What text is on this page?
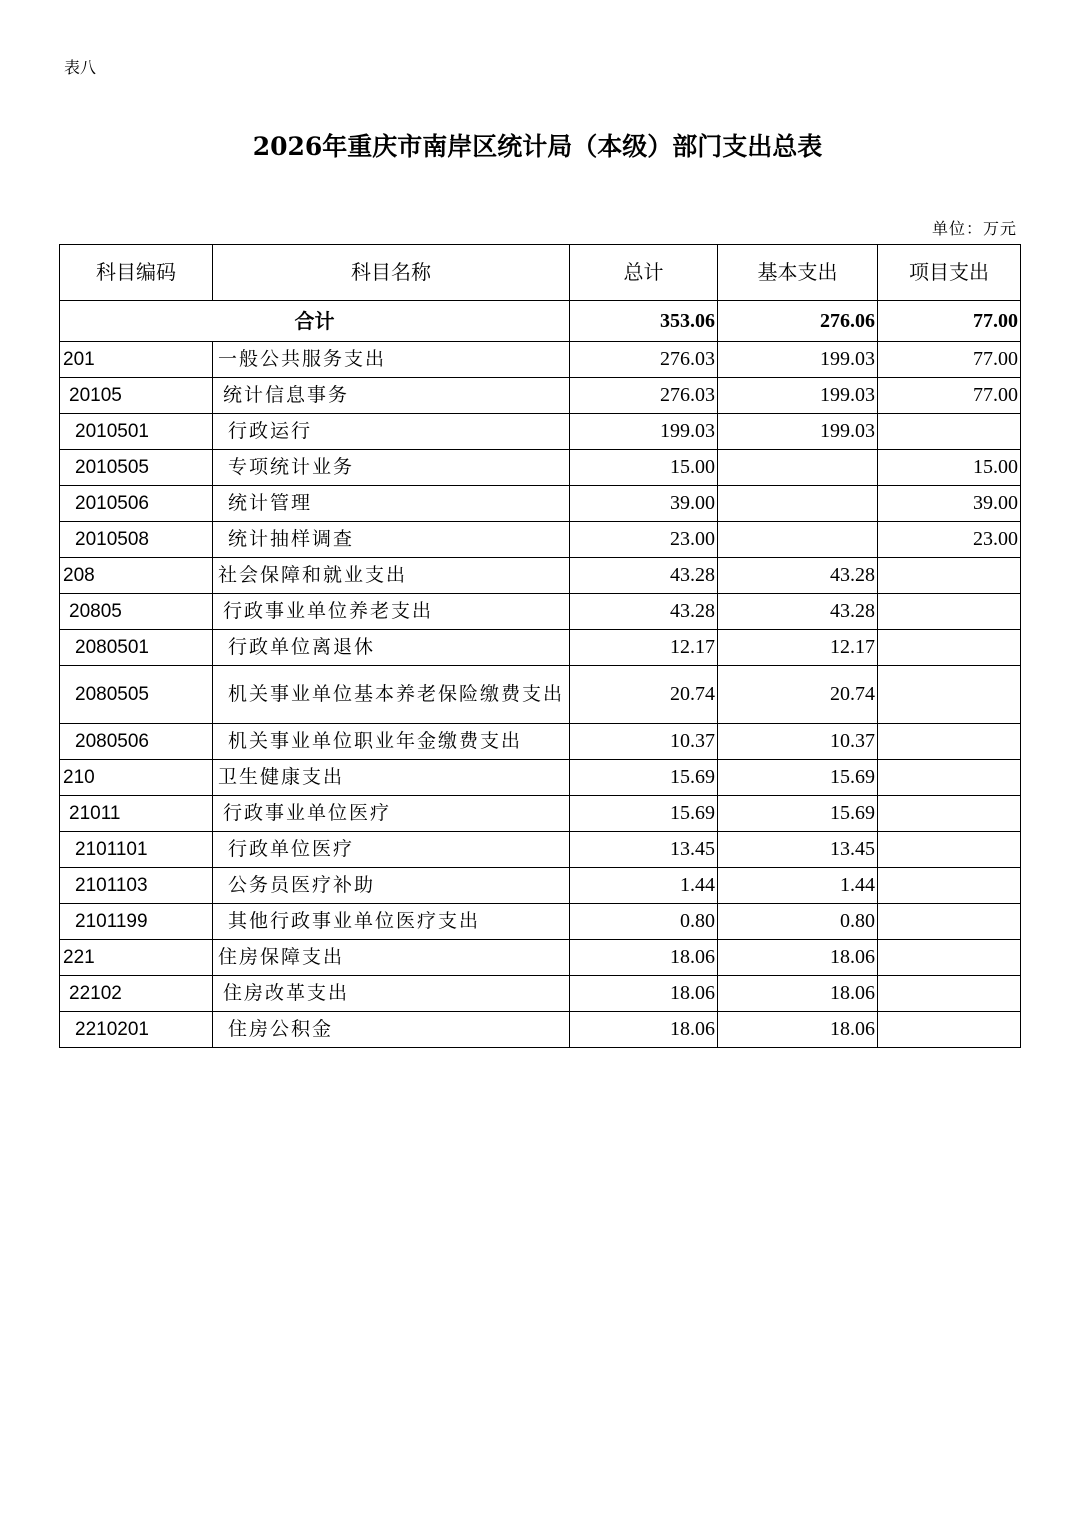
表八
2026年重庆市南岸区统计局（本级）部门支出总表
单位：万元
科目编码	科目名称	总计	基本支出	项目支出
合计		353.06	276.06	77.00
201	一般公共服务支出	276.03	199.03	77.00
20105	统计信息事务	276.03	199.03	77.00
2010501	行政运行	199.03	199.03	
2010505	专项统计业务	15.00		15.00
2010506	统计管理	39.00		39.00
2010508	统计抽样调查	23.00		23.00
208	社会保障和就业支出	43.28	43.28	
20805	行政事业单位养老支出	43.28	43.28	
2080501	行政单位离退休	12.17	12.17	
2080505	机关事业单位基本养老保险缴费支出	20.74	20.74	
2080506	机关事业单位职业年金缴费支出	10.37	10.37	
210	卫生健康支出	15.69	15.69	
21011	行政事业单位医疗	15.69	15.69	
2101101	行政单位医疗	13.45	13.45	
2101103	公务员医疗补助	1.44	1.44	
2101199	其他行政事业单位医疗支出	0.80	0.80	
221	住房保障支出	18.06	18.06	
22102	住房改革支出	18.06	18.06	
2210201	住房公积金	18.06	18.06	
